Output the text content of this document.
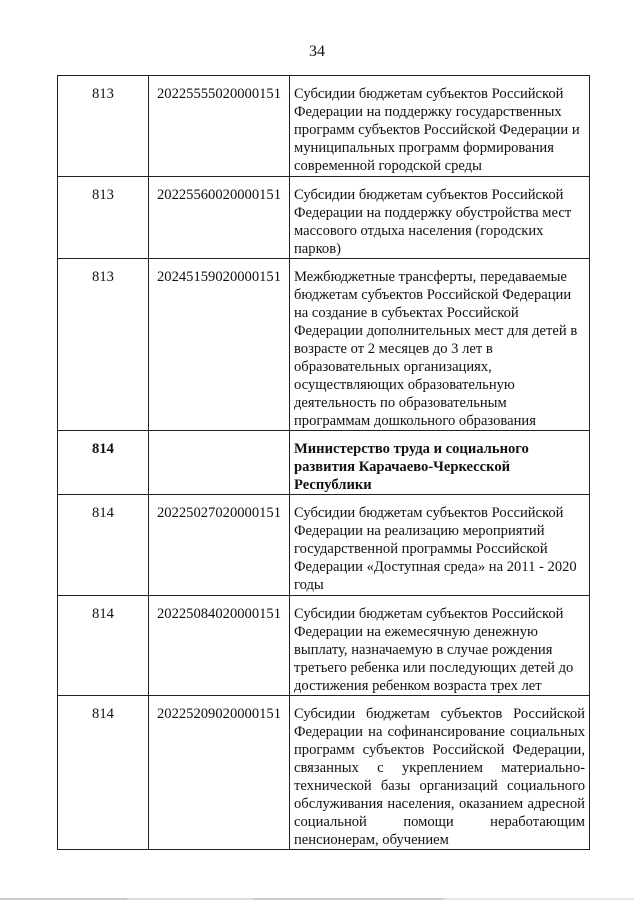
34
813	20225555020000151	Субсидии бюджетам субъектов Российской Федерации на поддержку государственных программ субъектов Российской Федерации и муниципальных программ формирования современной городской среды
813	20225560020000151	Субсидии бюджетам субъектов Российской Федерации на поддержку обустройства мест массового отдыха населения (городских парков)
813	20245159020000151	Межбюджетные трансферты, передаваемые бюджетам субъектов Российской Федерации на создание в субъектах Российской Федерации дополнительных мест для детей в возрасте от 2 месяцев до 3 лет в образовательных организациях, осуществляющих образовательную деятельность по образовательным программам дошкольного образования
814		Министерство труда и социального развития Карачаево-Черкесской Республики
814	20225027020000151	Субсидии бюджетам субъектов Российской Федерации на реализацию мероприятий государственной программы Российской Федерации «Доступная среда» на 2011 - 2020 годы
814	20225084020000151	Субсидии бюджетам субъектов Российской Федерации на ежемесячную денежную выплату, назначаемую в случае рождения третьего ребенка или последующих детей до достижения ребенком возраста трех лет
814	20225209020000151	Субсидии бюджетам субъектов Российской Федерации на софинансирование социальных программ субъектов Российской Федерации, связанных с укреплением материально-технической базы организаций социального обслуживания населения, оказанием адресной социальной помощи неработающим пенсионерам, обучением
